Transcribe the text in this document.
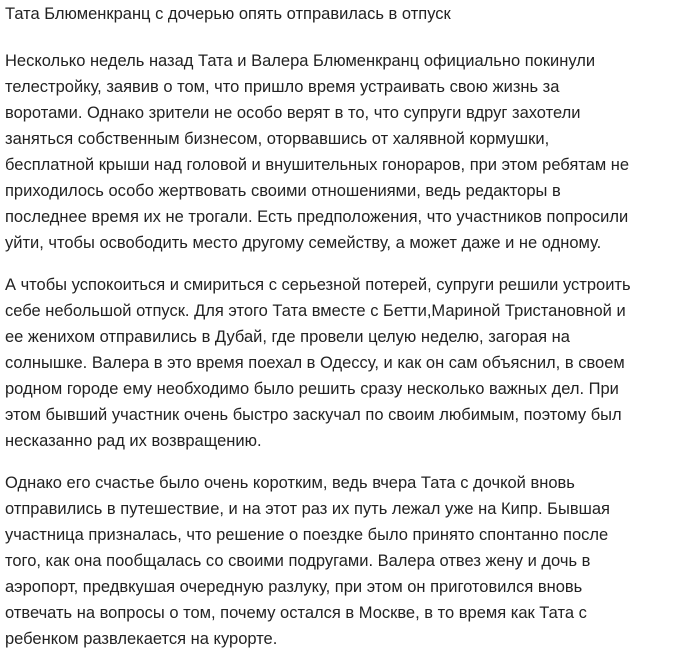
Тата Блюменкранц с дочерью опять отправилась в отпуск

Несколько недель назад Тата и Валера Блюменкранц официально покинули
телестройку, заявив о том, что пришло время устраивать свою жизнь за
воротами. Однако зрители не особо верят в то, что супруги вдруг захотели
заняться собственным бизнесом, оторвавшись от халявной кормушки,
бесплатной крыши над головой и внушительных гонораров, при этом ребятам не
приходилось особо жертвовать своими отношениями, ведь редакторы в
последнее время их не трогали. Есть предположения, что участников попросили
уйти, чтобы освободить место другому семейству, а может даже и не одному.

А чтобы успокоиться и смириться с серьезной потерей, супруги решили устроить
себе небольшой отпуск. Для этого Тата вместе с Бетти,Мариной Тристановной и
ее женихом отправились в Дубай, где провели целую неделю, загорая на
солнышке. Валера в это время поехал в Одессу, и как он сам объяснил, в своем
родном городе ему необходимо было решить сразу несколько важных дел. При
этом бывший участник очень быстро заскучал по своим любимым, поэтому был
несказанно рад их возвращению.

Однако его счастье было очень коротким, ведь вчера Тата с дочкой вновь
отправились в путешествие, и на этот раз их путь лежал уже на Кипр. Бывшая
участница призналась, что решение о поездке было принято спонтанно после
того, как она пообщалась со своими подругами. Валера отвез жену и дочь в
аэропорт, предвкушая очередную разлуку, при этом он приготовился вновь
отвечать на вопросы о том, почему остался в Москве, в то время как Тата с
ребенком развлекается на курорте.
